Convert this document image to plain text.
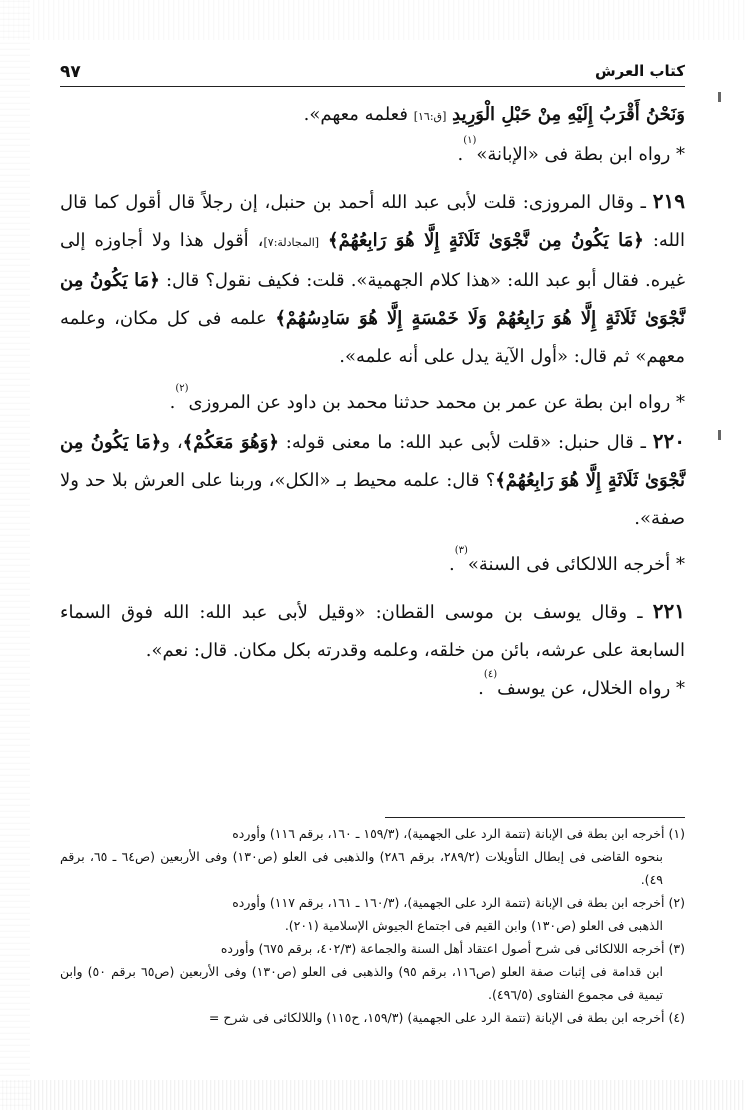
كتاب العرش
٩٧

وَنَحْنُ أَقْرَبُ إِلَيْهِ مِنْ حَبْلِ الْوَرِيدِ [ق:١٦] فعلمه معهم».

* رواه ابن بطة فى «الإبانة»$^{(١)}$.

٢١٩ ـ وقال المروزى: قلت لأبى عبد الله أحمد بن حنبل، إن رجلاً قال أقول كما قال الله: ﴿مَا يَكُونُ مِن نَّجْوَىٰ ثَلَاثَةٍ إِلَّا هُوَ رَابِعُهُمْ﴾ [المجادلة:٧]، أقول هذا ولا أجاوزه إلى غيره. فقال أبو عبد الله: «هذا كلام الجهمية». قلت: فكيف نقول؟ قال: ﴿مَا يَكُونُ مِن نَّجْوَىٰ ثَلَاثَةٍ إِلَّا هُوَ رَابِعُهُمْ وَلَا خَمْسَةٍ إِلَّا هُوَ سَادِسُهُمْ﴾ علمه فى كل مكان، وعلمه معهم» ثم قال: «أول الآية يدل على أنه علمه».

* رواه ابن بطة عن عمر بن محمد حدثنا محمد بن داود عن المروزى$^{(٢)}$.

٢٢٠ ـ قال حنبل: «قلت لأبى عبد الله: ما معنى قوله: ﴿وَهُوَ مَعَكُمْ﴾، و﴿مَا يَكُونُ مِن نَّجْوَىٰ ثَلَاثَةٍ إِلَّا هُوَ رَابِعُهُمْ﴾؟ قال: علمه محيط بـ «الكل»، وربنا على العرش بلا حد ولا صفة».

* أخرجه اللالكائى فى السنة»$^{(٣)}$.

٢٢١ ـ وقال يوسف بن موسى القطان: «وقيل لأبى عبد الله: الله فوق السماء السابعة على عرشه، بائن من خلقه، وعلمه وقدرته بكل مكان. قال: نعم».

* رواه الخلال، عن يوسف$^{(٤)}$.

(١) أخرجه ابن بطة فى الإبانة (تتمة الرد على الجهمية)، (١٥٩/٣ ـ ١٦٠، برقم ١١٦) وأورده
بنحوه القاضى فى إبطال التأويلات (٢٨٩/٢، برقم ٢٨٦) والذهبى فى العلو (ص١٣٠) وفى الأربعين (ص٦٤ ـ ٦٥، برقم ٤٩).

(٢) أخرجه ابن بطة فى الإبانة (تتمة الرد على الجهمية)، (١٦٠/٣ ـ ١٦١، برقم ١١٧) وأورده
الذهبى فى العلو (ص١٣٠) وابن القيم فى اجتماع الجيوش الإسلامية (٢٠١).

(٣) أخرجه اللالكائى فى شرح أصول اعتقاد أهل السنة والجماعة (٤٠٢/٣، برقم ٦٧٥) وأورده
ابن قدامة فى إثبات صفة العلو (ص١١٦، برقم ٩٥) والذهبى فى العلو (ص١٣٠) وفى الأربعين (ص٦٥ برقم ٥٠) وابن تيمية فى مجموع الفتاوى (٤٩٦/٥).

(٤) أخرجه ابن بطة فى الإبانة (تتمة الرد على الجهمية) (١٥٩/٣، ح١١٥) واللالكائى فى شرح =
